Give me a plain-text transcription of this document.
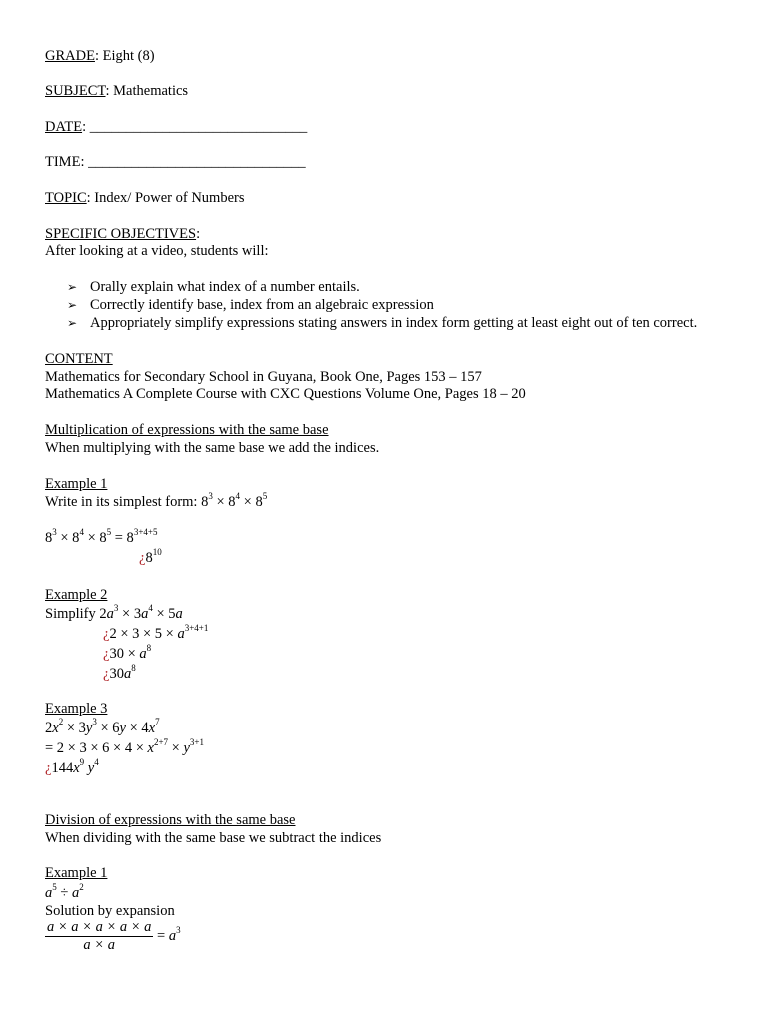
GRADE: Eight (8)
SUBJECT: Mathematics
DATE: ______________________________
TIME: ______________________________
TOPIC: Index/ Power of Numbers
SPECIFIC OBJECTIVES:
After looking at a video, students will:
➢ Orally explain what index of a number entails.
➢ Correctly identify base, index from an algebraic expression
➢ Appropriately simplify expressions stating answers in index form getting at least eight out of ten correct.
CONTENT
Mathematics for Secondary School in Guyana, Book One, Pages 153 – 157
Mathematics A Complete Course with CXC Questions Volume One, Pages 18 – 20
Multiplication of expressions with the same base
When multiplying with the same base we add the indices.
Example 1
Write in its simplest form: $8^3 \times 8^4 \times 8^5$
$8^3 \times 8^4 \times 8^5 = 8^{3+4+5}$
¿$8^{10}$
Example 2
Simplify $2a^3 \times 3a^4 \times 5a$
¿$2 \times 3 \times 5 \times a^{3+4+1}$
¿$30 \times a^8$
¿$30a^8$
Example 3
$2x^2 \times 3y^3 \times 6y \times 4x^7$
= $2 \times 3 \times 6 \times 4 \times x^{2+7} \times y^{3+1}$
¿$144x^9$ $y^4$
Division of expressions with the same base
When dividing with the same base we subtract the indices
Example 1
$a^5 \div a^2$
Solution by expansion
$\frac{a \times a \times a \times a \times a}{a \times a} = a^3$
